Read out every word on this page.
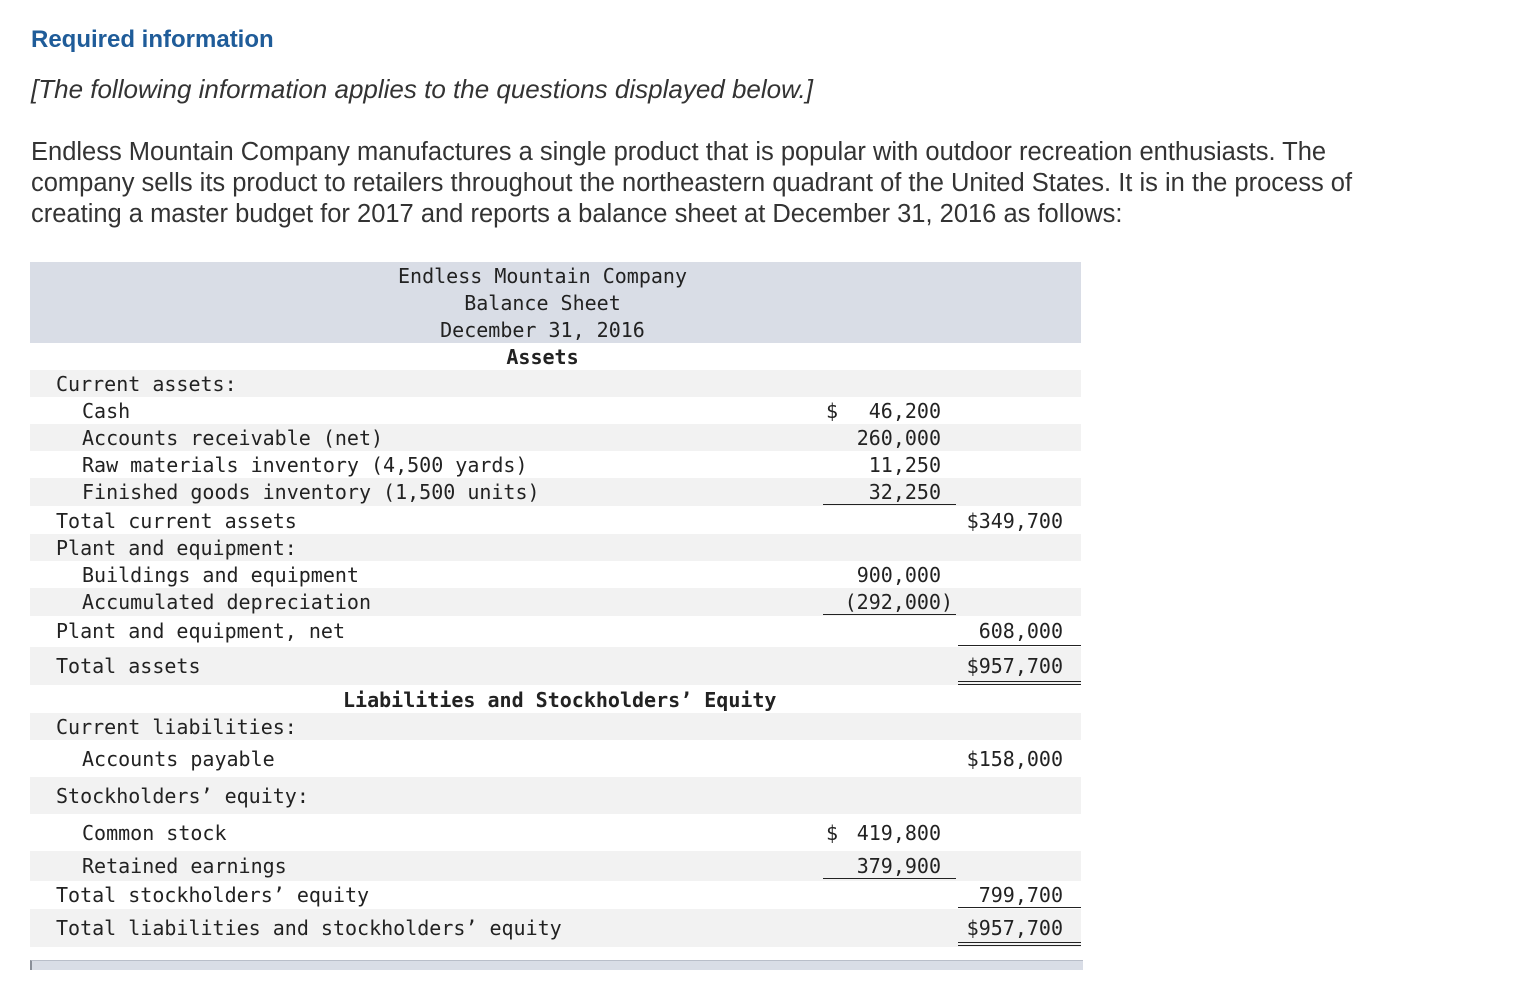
Required information
[The following information applies to the questions displayed below.]
Endless Mountain Company manufactures a single product that is popular with outdoor recreation enthusiasts. The
company sells its product to retailers throughout the northeastern quadrant of the United States. It is in the process of
creating a master budget for 2017 and reports a balance sheet at December 31, 2016 as follows:
Endless Mountain Company
Balance Sheet
December 31, 2016
Assets
Current assets:
Cash	$ 46,200
Accounts receivable (net)	260,000
Raw materials inventory (4,500 yards)	11,250
Finished goods inventory (1,500 units)	32,250
Total current assets	$349,700
Plant and equipment:
Buildings and equipment	900,000
Accumulated depreciation	(292,000)
Plant and equipment, net	608,000
Total assets	$957,700
Liabilities and Stockholders’ Equity
Current liabilities:
Accounts payable	$158,000
Stockholders’ equity:
Common stock	$ 419,800
Retained earnings	379,900
Total stockholders’ equity	799,700
Total liabilities and stockholders’ equity	$957,700
